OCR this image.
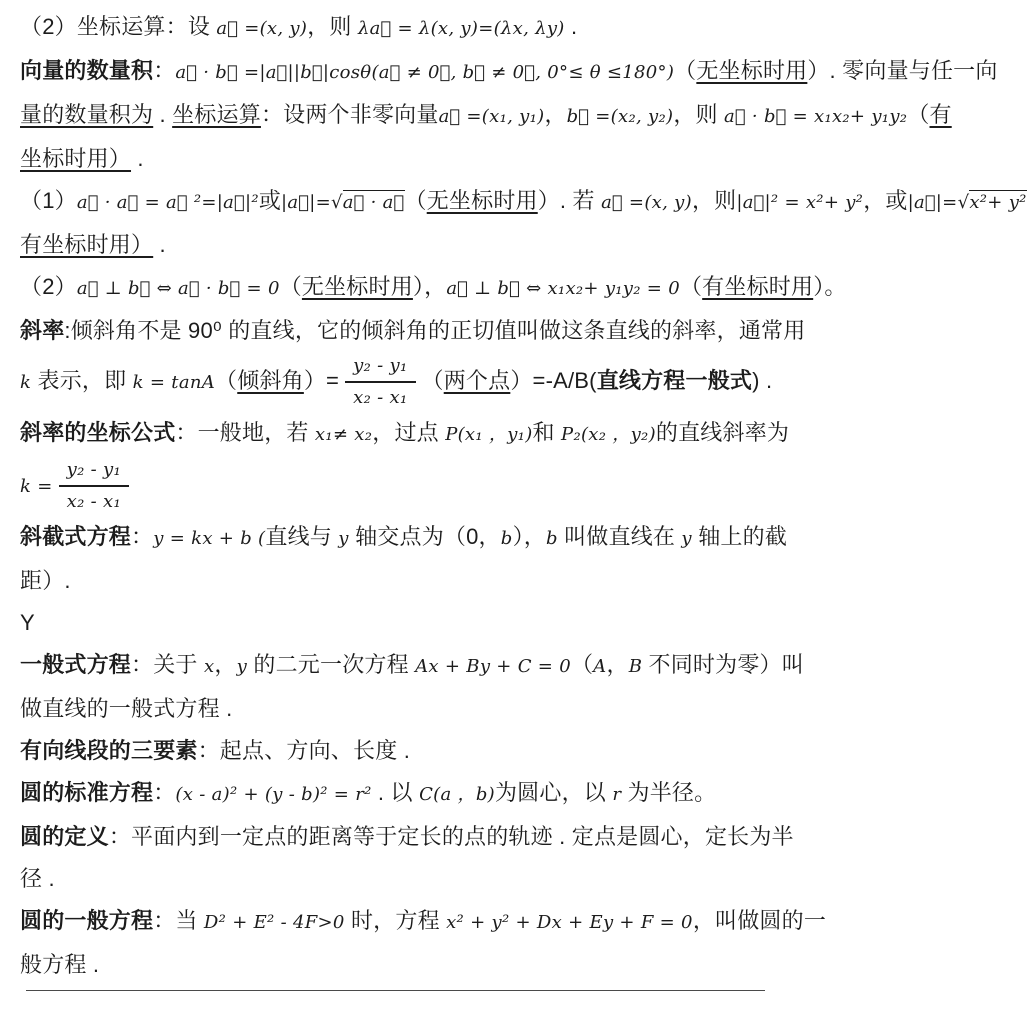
（2）坐标运算：设 a⃗ =(x, y)，则 λa⃗ = λ(x, y)=(λx, λy) .
向量的数量积：a⃗ · b⃗ =|a⃗||b⃗|cosθ(a⃗ ≠ 0⃗, b⃗ ≠ 0⃗, 0°≤ θ ≤180°)（无坐标时用）. 零向量与任一向
量的数量积为 . 坐标运算：设两个非零向量a⃗ =(x₁, y₁)，b⃗ =(x₂, y₂)，则 a⃗ · b⃗ = x₁x₂+ y₁y₂（有
坐标时用） .
（1）a⃗ · a⃗ = a⃗ ²=|a⃗|²或|a⃗|=√a⃗ · a⃗（无坐标时用）. 若 a⃗ =(x, y)，则|a⃗|² = x²+ y²，或|a⃗|=√x²+ y²
有坐标时用） .
（2）a⃗ ⊥ b⃗ ⇔ a⃗ · b⃗ = 0（无坐标时用），a⃗ ⊥ b⃗ ⇔ x₁x₂+ y₁y₂ = 0（有坐标时用）。
斜率:倾斜角不是 90⁰ 的直线，它的倾斜角的正切值叫做这条直线的斜率，通常用
k 表示，即 k = tanA（倾斜角）= $\frac{\text{y₂ - y₁}}{\text{x₂ - x₁}}$ （两个点）=-A/B(直线方程一般式) .
斜率的坐标公式：一般地，若 x₁≠ x₂，过点 P(x₁ ，y₁)和 P₂(x₂ ，y₂)的直线斜率为
$k = \frac{\text{y₂ - y₁}}{\text{x₂ - x₁}}$
斜截式方程：y = kx + b (直线与 y 轴交点为（0，b），b 叫做直线在 y 轴上的截
距）.
Y
一般式方程：关于 x，y 的二元一次方程 Ax + By + C = 0（A，B 不同时为零）叫
做直线的一般式方程 .
有向线段的三要素：起点、方向、长度 .
圆的标准方程：(x - a)² + (y - b)² = r² . 以 C(a ，b)为圆心，以 r 为半径。
圆的定义：平面内到一定点的距离等于定长的点的轨迹 . 定点是圆心，定长为半
径 .
圆的一般方程：当 D² + E² - 4F>0 时，方程 x² + y² + Dx + Ey + F = 0，叫做圆的一
般方程 .
